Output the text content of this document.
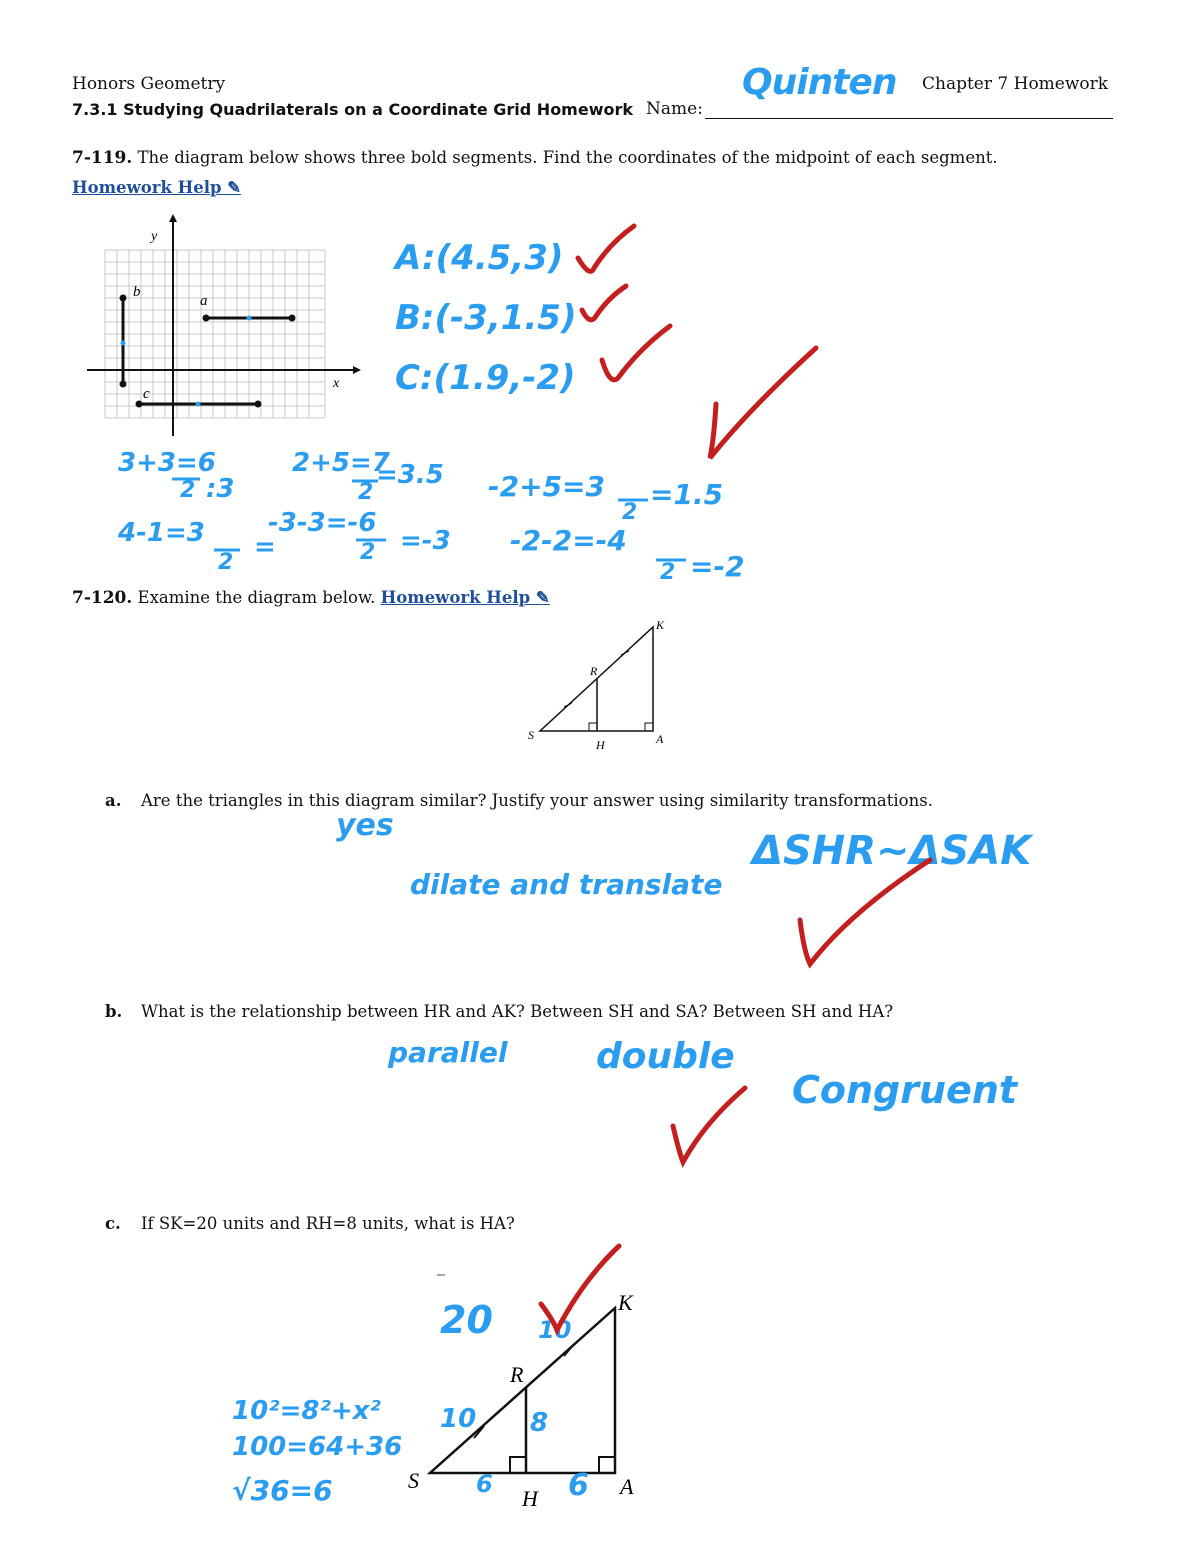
Honors Geometry	Chapter 7 Homework
7.3.1 Studying Quadrilaterals on a Coordinate Grid Homework Name:
Quinten
7-119. The diagram below shows three bold segments. Find the coordinates of the midpoint of each segment. Homework Help ✎
y
x
b
a
c
A:(4.5,3)
B:(-3,1.5)
C:(1.9,-2)
3+3=6
2 :3
2+5=7
2
=3.5 -2+5=3
2
=1.5
4-1=3
2
=
-3-3=-6
2 =-3 -2-2=-4
2 =-2
7-120. Examine the diagram below. Homework Help ✎
K
R
S
H	A
a. Are the triangles in this diagram similar? Justify your answer using similarity transformations.
yes
dilate and translate
ΔSHR~ΔSAK
b. What is the relationship between HR and AK? Between SH and SA? Between SH and HA?
parallel double
Congruent
c. If SK=20 units and RH=8 units, what is HA?
K
R
S
H	A
20 10
10 8
6	6
10²=8²+x²
100=64+36
√36=6
